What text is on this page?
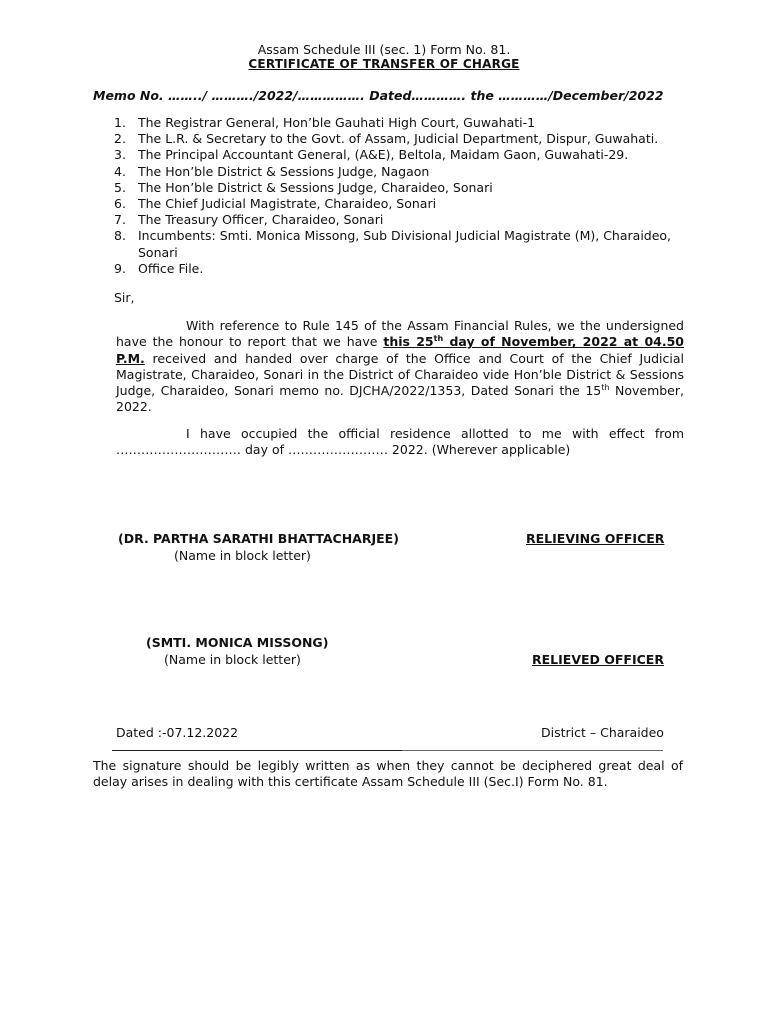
Assam Schedule III (sec. 1) Form No. 81.
CERTIFICATE OF TRANSFER OF CHARGE
Memo No. ……../ ………./2022/……………. Dated…………. the …………/December/2022
1. The Registrar General, Hon’ble Gauhati High Court, Guwahati-1
2. The L.R. & Secretary to the Govt. of Assam, Judicial Department, Dispur, Guwahati.
3. The Principal Accountant General, (A&E), Beltola, Maidam Gaon, Guwahati-29.
4. The Hon’ble District & Sessions Judge, Nagaon
5. The Hon’ble District & Sessions Judge, Charaideo, Sonari
6. The Chief Judicial Magistrate, Charaideo, Sonari
7. The Treasury Officer, Charaideo, Sonari
8. Incumbents: Smti. Monica Missong, Sub Divisional Judicial Magistrate (M), Charaideo, Sonari
9. Office File.
Sir,
With reference to Rule 145 of the Assam Financial Rules, we the undersigned have the honour to report that we have this 25th day of November, 2022 at 04.50 P.M. received and handed over charge of the Office and Court of the Chief Judicial Magistrate, Charaideo, Sonari in the District of Charaideo vide Hon’ble District & Sessions Judge, Charaideo, Sonari memo no. DJCHA/2022/1353, Dated Sonari the 15th November, 2022.
I have occupied the official residence allotted to me with effect from ………………………… day of …………………… 2022. (Wherever applicable)
(DR. PARTHA SARATHI BHATTACHARJEE)
(Name in block letter)
RELIEVING OFFICER
(SMTI. MONICA MISSONG)
(Name in block letter)	RELIEVED OFFICER
Dated :-07.12.2022	District – Charaideo
The signature should be legibly written as when they cannot be deciphered great deal of delay arises in dealing with this certificate Assam Schedule III (Sec.I) Form No. 81.
